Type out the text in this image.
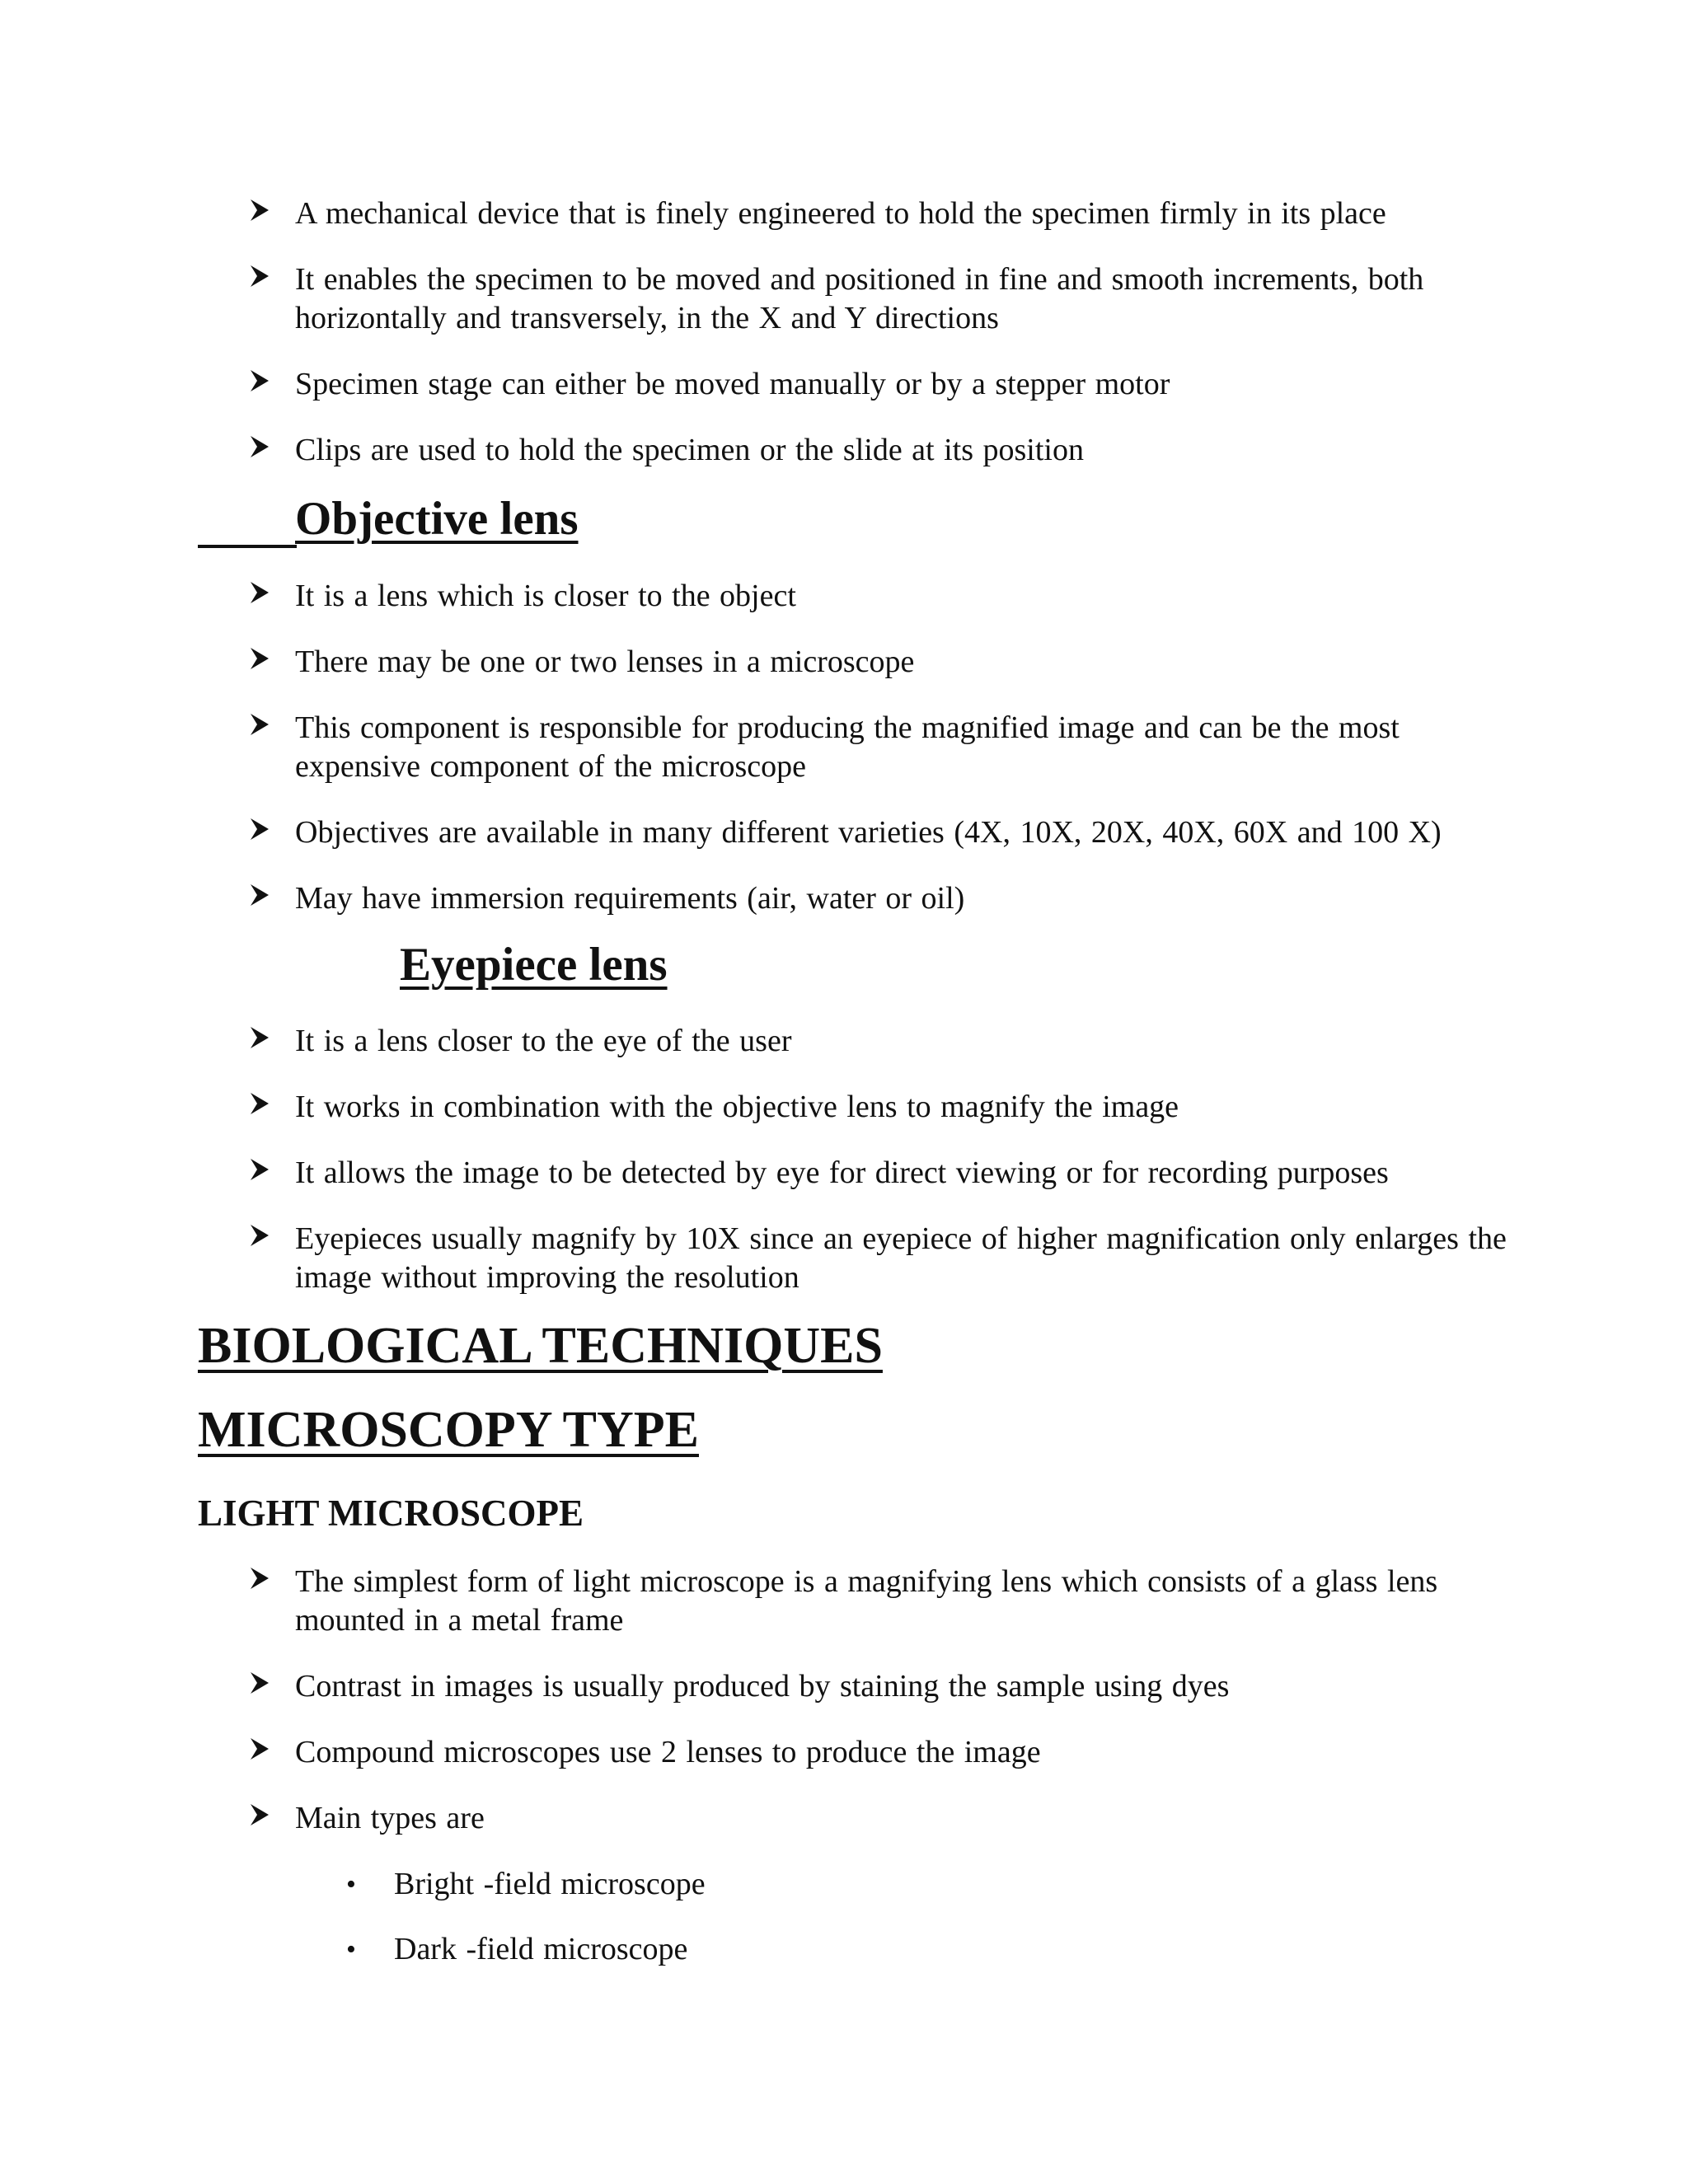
A mechanical device that is finely engineered to hold the specimen firmly in its place
It enables the specimen to be moved and positioned in fine and smooth increments, both horizontally and transversely, in the X and Y directions
Specimen stage can either be moved manually or by a stepper motor
Clips are used to hold the specimen or the slide at its position
Objective lens
It is a lens which is closer to the object
There may be one or two lenses in a microscope
This component is responsible for producing the magnified image and can be the most expensive component of the microscope
Objectives are available in many different varieties (4X, 10X, 20X, 40X, 60X and 100 X)
May have immersion requirements (air, water or oil)
Eyepiece lens
It is a lens closer to the eye of the user
It works in combination with the objective lens to magnify the image
It allows the image to be detected by eye for direct viewing or for recording purposes
Eyepieces usually magnify by 10X since an eyepiece of higher magnification only enlarges the image without improving the resolution
BIOLOGICAL TECHNIQUES
MICROSCOPY TYPE
LIGHT MICROSCOPE
The simplest form of light microscope is a magnifying lens which consists of a glass lens mounted in a metal frame
Contrast in images is usually produced by staining the sample using dyes
Compound microscopes use 2 lenses to produce the image
Main types are
• Bright -field microscope
• Dark -field microscope
